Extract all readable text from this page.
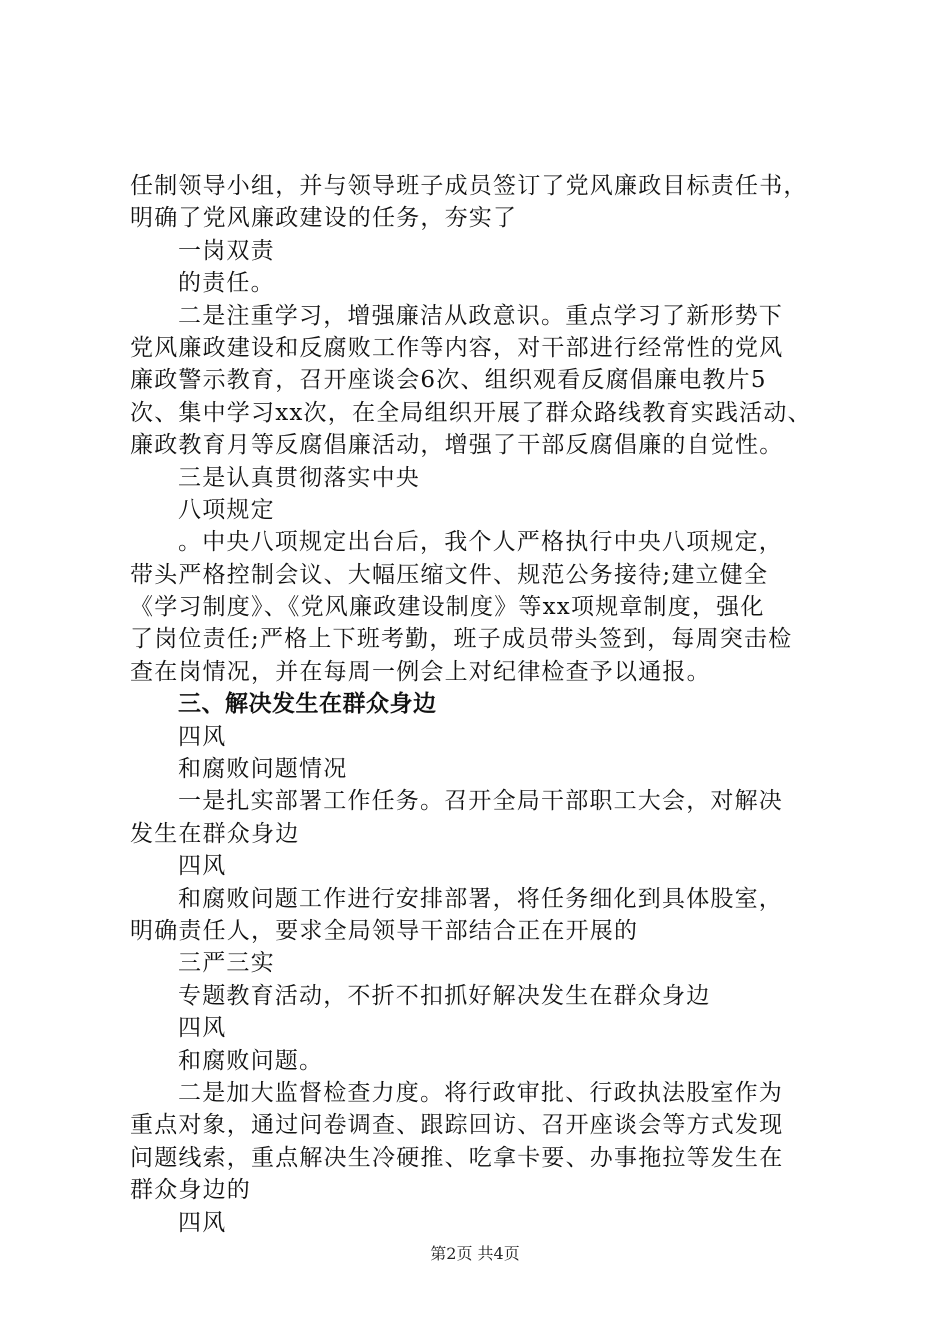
任制领导小组，并与领导班子成员签订了党风廉政目标责任书，
明确了党风廉政建设的任务，夯实了
一岗双责
的责任。
二是注重学习，增强廉洁从政意识。重点学习了新形势下
党风廉政建设和反腐败工作等内容，对干部进行经常性的党风
廉政警示教育，召开座谈会6次、组织观看反腐倡廉电教片5
次、集中学习xx次，在全局组织开展了群众路线教育实践活动、
廉政教育月等反腐倡廉活动，增强了干部反腐倡廉的自觉性。
三是认真贯彻落实中央
八项规定
。中央八项规定出台后，我个人严格执行中央八项规定，
带头严格控制会议、大幅压缩文件、规范公务接待;建立健全
《学习制度》、《党风廉政建设制度》等xx项规章制度，强化
了岗位责任;严格上下班考勤，班子成员带头签到，每周突击检
查在岗情况，并在每周一例会上对纪律检查予以通报。
三、解决发生在群众身边
四风
和腐败问题情况
一是扎实部署工作任务。召开全局干部职工大会，对解决
发生在群众身边
四风
和腐败问题工作进行安排部署，将任务细化到具体股室，
明确责任人，要求全局领导干部结合正在开展的
三严三实
专题教育活动，不折不扣抓好解决发生在群众身边
四风
和腐败问题。
二是加大监督检查力度。将行政审批、行政执法股室作为
重点对象，通过问卷调查、跟踪回访、召开座谈会等方式发现
问题线索，重点解决生冷硬推、吃拿卡要、办事拖拉等发生在
群众身边的
四风
第2页 共4页
